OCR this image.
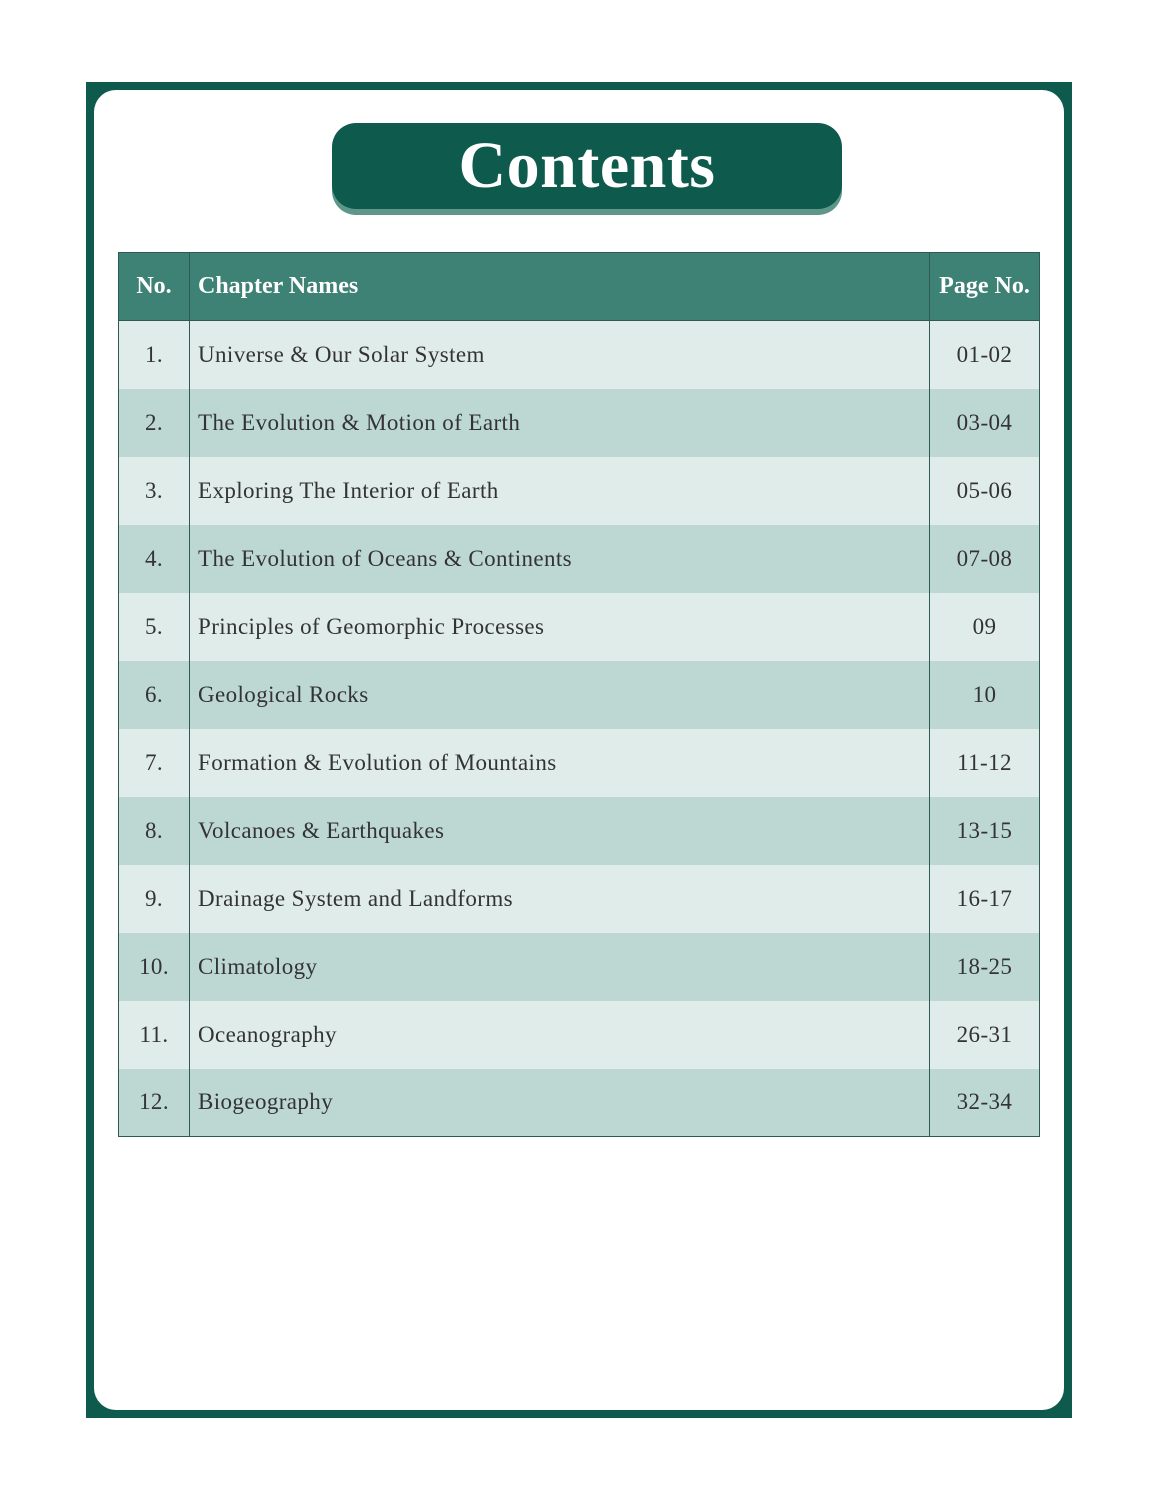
Contents
No.	Chapter Names	Page No.
1.	Universe & Our Solar System	01-02
2.	The Evolution & Motion of Earth	03-04
3.	Exploring The Interior of Earth	05-06
4.	The Evolution of Oceans & Continents	07-08
5.	Principles of Geomorphic Processes	09
6.	Geological Rocks	10
7.	Formation & Evolution of Mountains	11-12
8.	Volcanoes & Earthquakes	13-15
9.	Drainage System and Landforms	16-17
10.	Climatology	18-25
11.	Oceanography	26-31
12.	Biogeography	32-34
